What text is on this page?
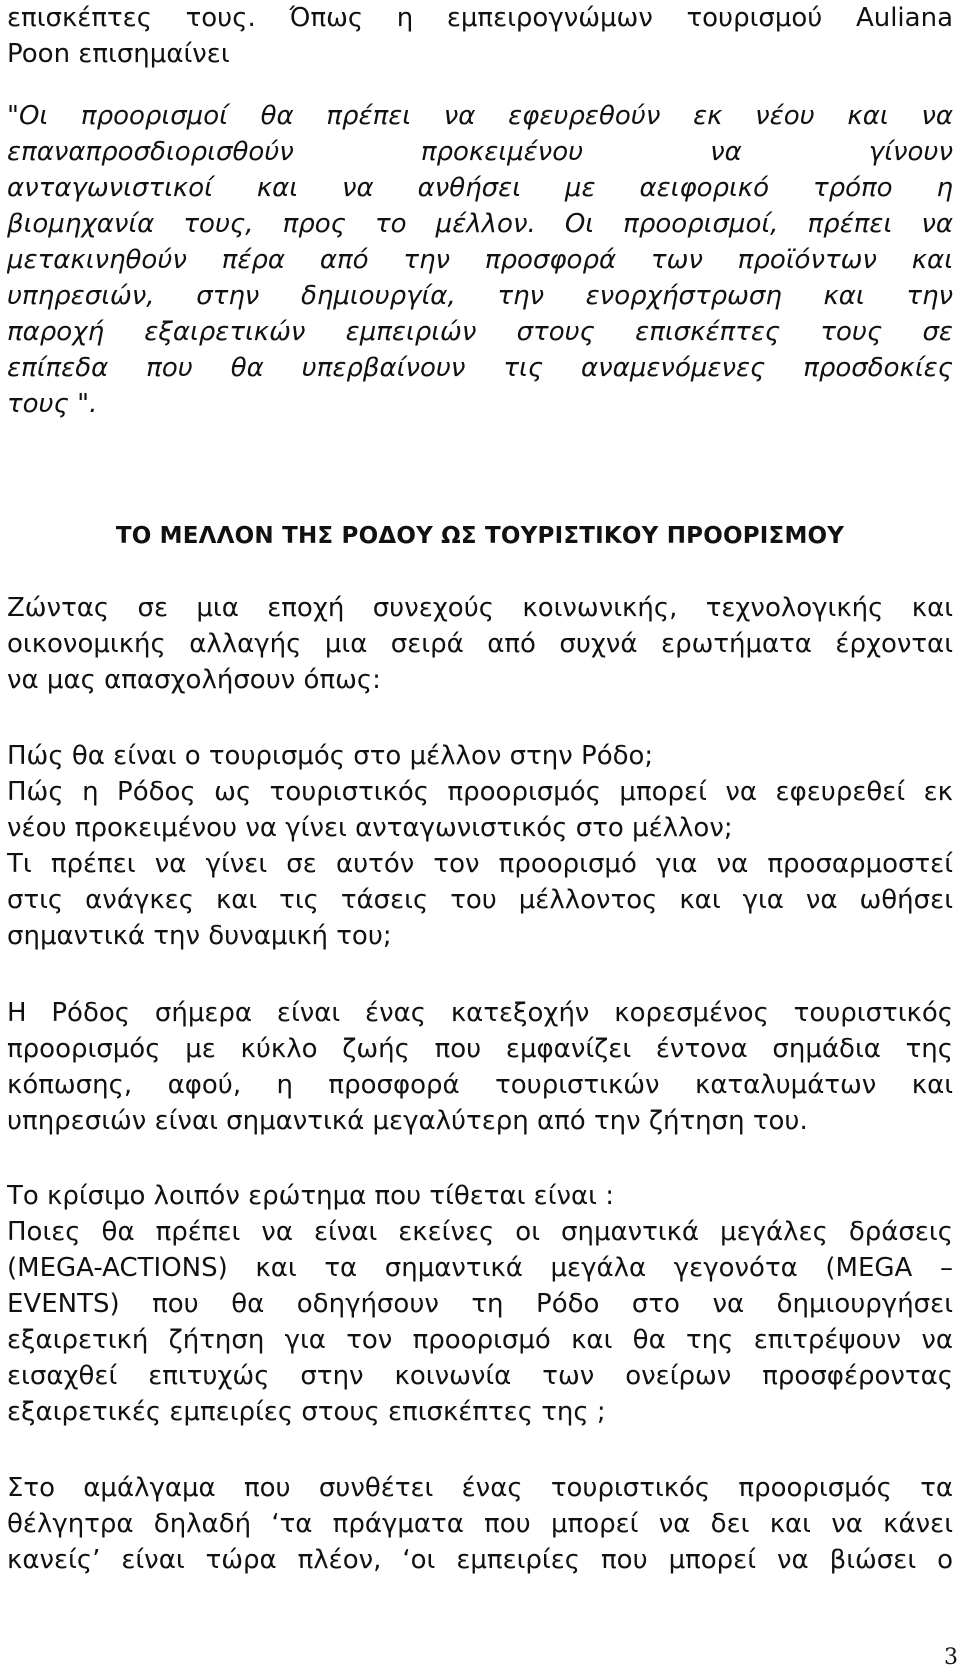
επισκέπτες τους. Όπως η εμπειρογνώμων τουρισμού Auliana
Poon επισημαίνει
"Οι προορισμοί θα πρέπει να εφευρεθούν εκ νέου και να
επαναπροσδιορισθούν προκειμένου να γίνουν
ανταγωνιστικοί και να ανθήσει με αειφορικό τρόπο η
βιομηχανία τους, προς το μέλλον. Οι προορισμοί, πρέπει να
μετακινηθούν πέρα από την προσφορά των προϊόντων και
υπηρεσιών, στην δημιουργία, την ενορχήστρωση και την
παροχή εξαιρετικών εμπειριών στους επισκέπτες τους σε
επίπεδα που θα υπερβαίνουν τις αναμενόμενες προσδοκίες
τους ".
ΤΟ ΜΕΛΛΟΝ ΤΗΣ ΡΟΔΟΥ ΩΣ ΤΟΥΡΙΣΤΙΚΟΥ ΠΡΟΟΡΙΣΜΟΥ
Ζώντας σε μια εποχή συνεχούς κοινωνικής, τεχνολογικής και
οικονομικής αλλαγής μια σειρά από συχνά ερωτήματα έρχονται
να μας απασχολήσουν όπως:
Πώς θα είναι ο τουρισμός στο μέλλον στην Ρόδο;
Πώς η Ρόδος ως τουριστικός προορισμός μπορεί να εφευρεθεί εκ
νέου προκειμένου να γίνει ανταγωνιστικός στο μέλλον;
Τι πρέπει να γίνει σε αυτόν τον προορισμό για να προσαρμοστεί
στις ανάγκες και τις τάσεις του μέλλοντος και για να ωθήσει
σημαντικά την δυναμική του;
Η Ρόδος σήμερα είναι ένας κατεξοχήν κορεσμένος τουριστικός
προορισμός με κύκλο ζωής που εμφανίζει έντονα σημάδια της
κόπωσης, αφού, η προσφορά τουριστικών καταλυμάτων και
υπηρεσιών είναι σημαντικά μεγαλύτερη από την ζήτηση του.
Το κρίσιμο λοιπόν ερώτημα που τίθεται είναι :
Ποιες θα πρέπει να είναι εκείνες οι σημαντικά μεγάλες δράσεις
(MEGA-ACTIONS) και τα σημαντικά μεγάλα γεγονότα (MEGA –
EVENTS) που θα οδηγήσουν τη Ρόδο στο να δημιουργήσει
εξαιρετική ζήτηση για τον προορισμό και θα της επιτρέψουν να
εισαχθεί επιτυχώς στην κοινωνία των ονείρων προσφέροντας
εξαιρετικές εμπειρίες στους επισκέπτες της ;
Στο αμάλγαμα που συνθέτει ένας τουριστικός προορισμός τα
θέλγητρα δηλαδή ‘τα πράγματα που μπορεί να δει και να κάνει
κανείς’ είναι τώρα πλέον, ‘οι εμπειρίες που μπορεί να βιώσει ο
3
